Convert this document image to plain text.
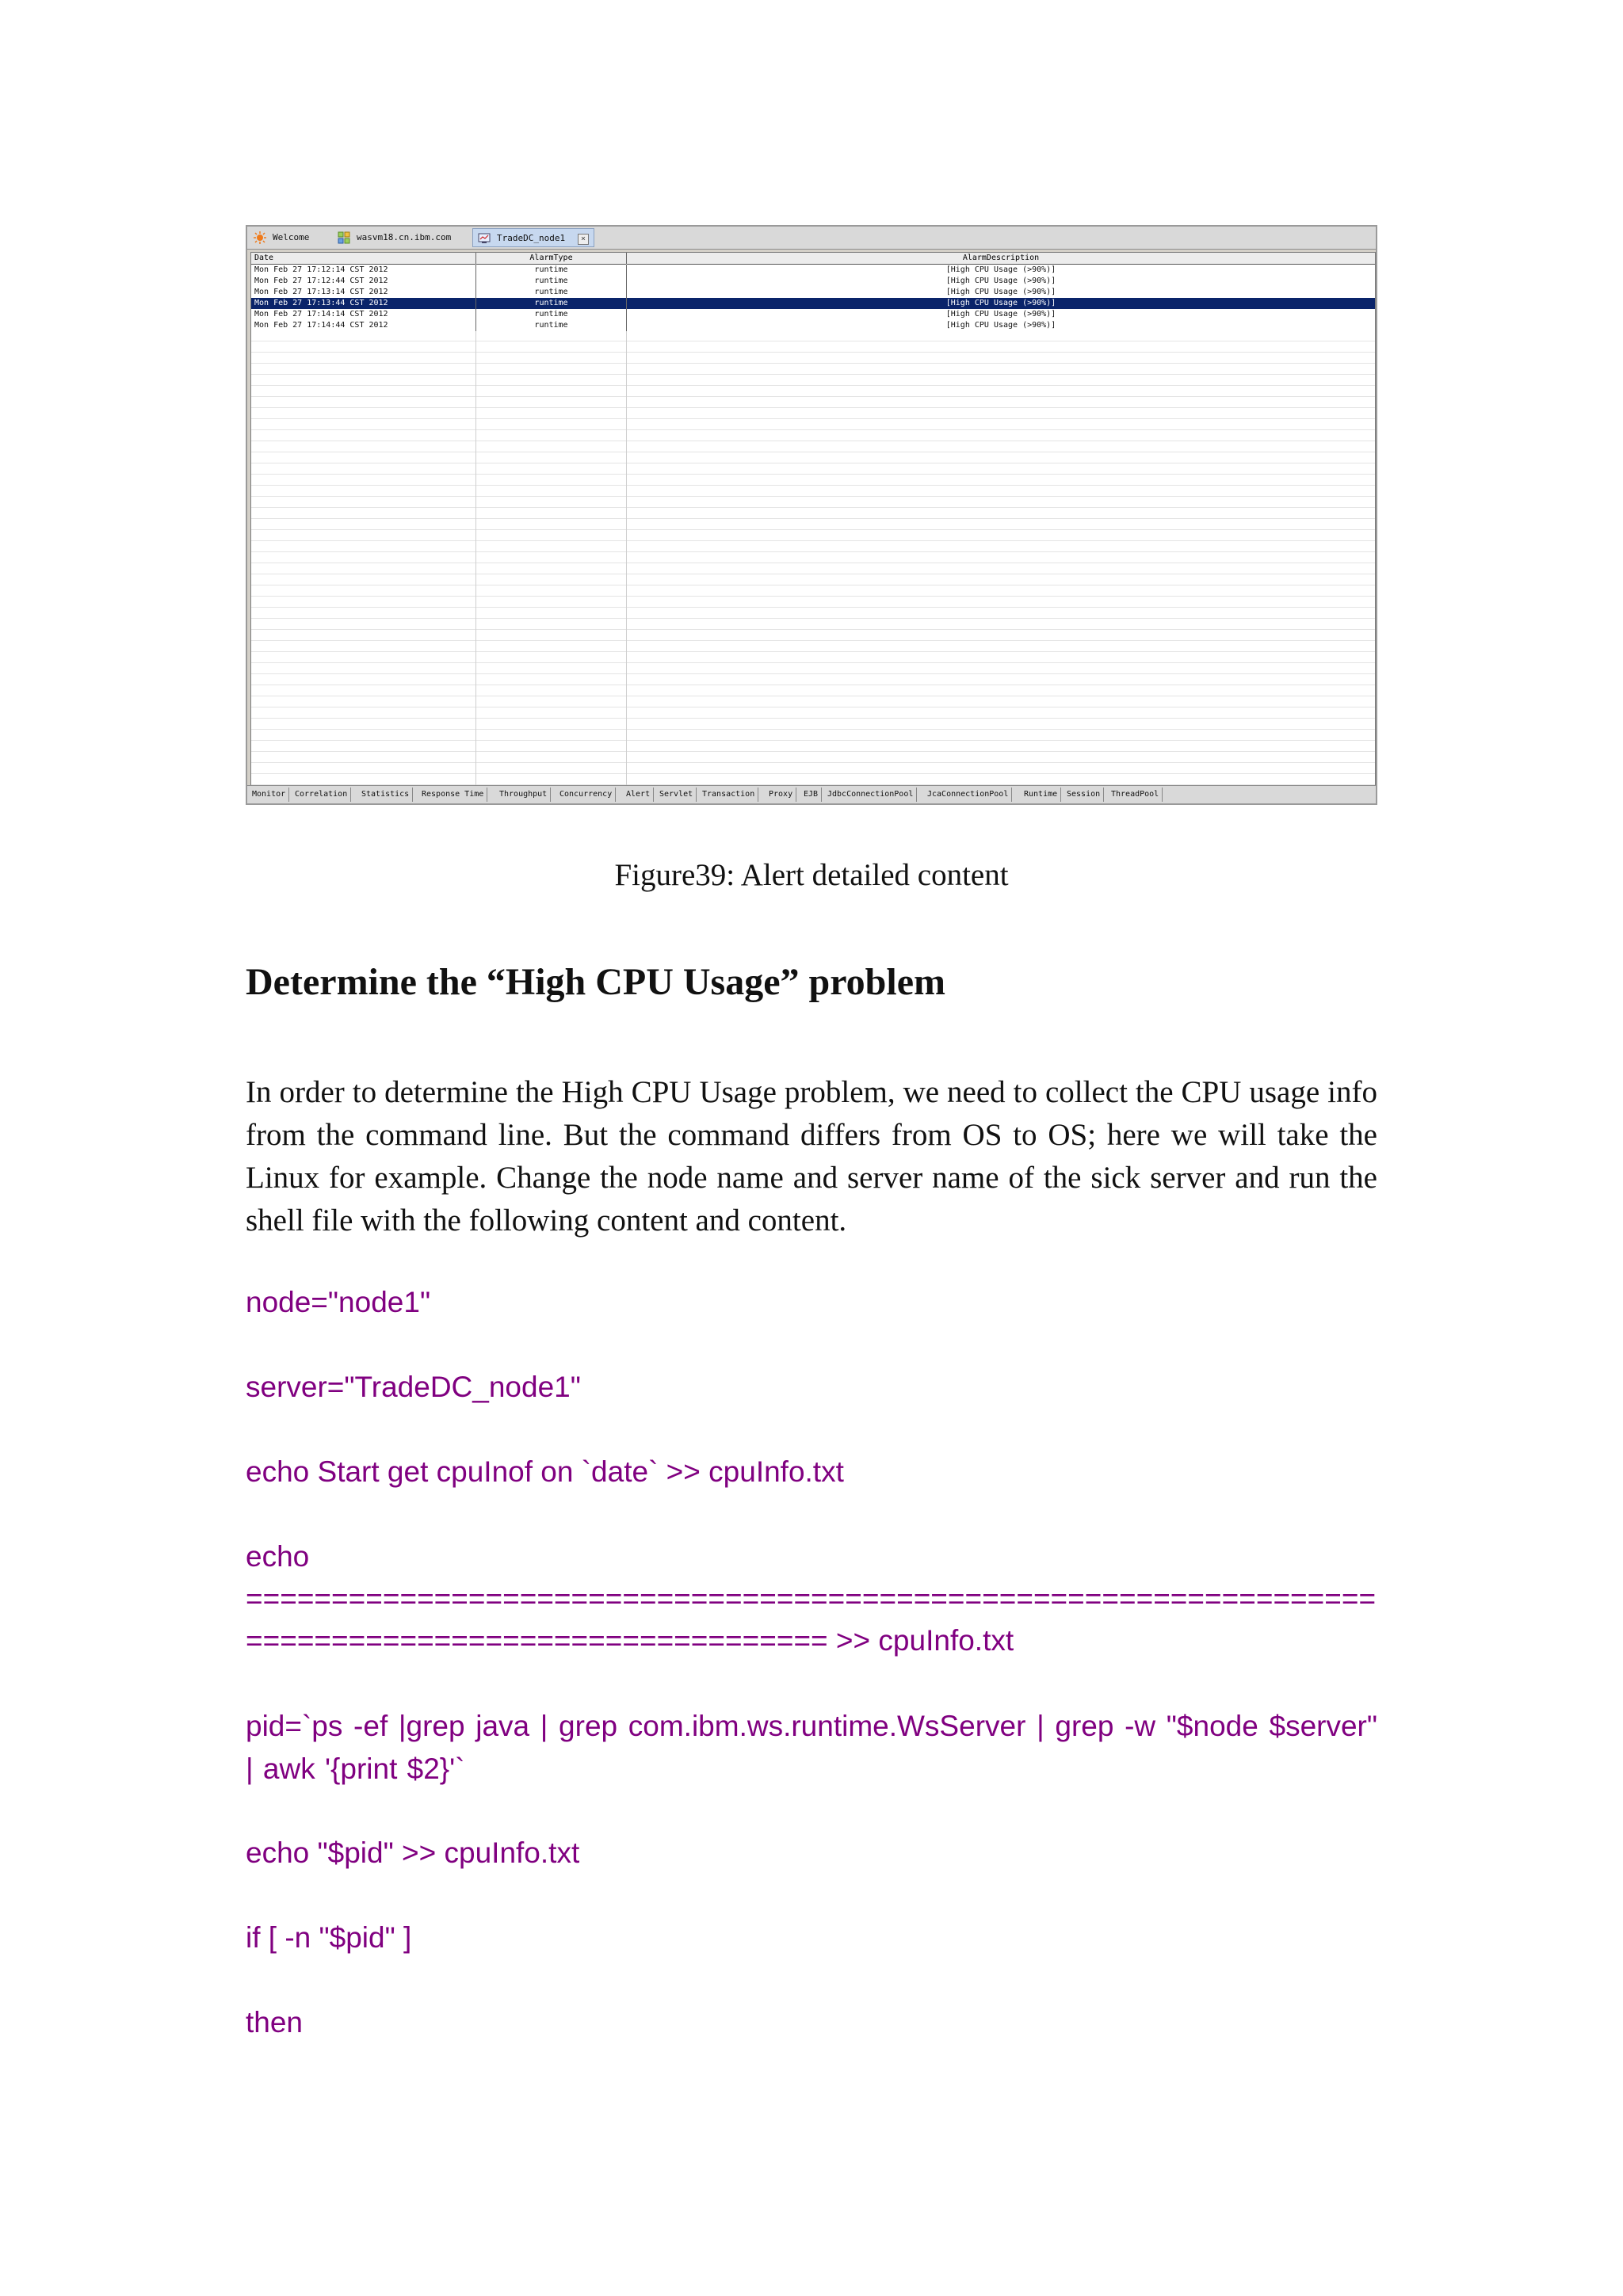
Welcome	wasvm18.cn.ibm.com	TradeDC_node1	×
Date	AlarmType	AlarmDescription
Mon Feb 27 17:12:14 CST 2012	runtime	[High CPU Usage (>90%)]
Mon Feb 27 17:12:44 CST 2012	runtime	[High CPU Usage (>90%)]
Mon Feb 27 17:13:14 CST 2012	runtime	[High CPU Usage (>90%)]
Mon Feb 27 17:13:44 CST 2012	runtime	[High CPU Usage (>90%)]
Mon Feb 27 17:14:14 CST 2012	runtime	[High CPU Usage (>90%)]
Mon Feb 27 17:14:44 CST 2012	runtime	[High CPU Usage (>90%)]
Monitor	Correlation	Statistics	Response Time	Throughput	Concurrency	Alert	Servlet	Transaction	Proxy	EJB	JdbcConnectionPool	JcaConnectionPool	Runtime	Session	ThreadPool
Figure39: Alert detailed content
Determine the “High CPU Usage” problem
In order to determine the High CPU Usage problem, we need to collect the CPU usage info from the command line. But the command differs from OS to OS; here we will take the Linux for example. Change the node name and server name of the sick server and run the shell file with the following content and content.
node="node1"
server="TradeDC_node1"
echo Start get cpuInof on `date` >> cpuInfo.txt
echo
==================================================================
================================== >> cpuInfo.txt
pid=`ps -ef |grep java | grep com.ibm.ws.runtime.WsServer | grep -w "$node $server" | awk '{print $2}'`
echo "$pid" >> cpuInfo.txt
if [ -n "$pid" ]
then
